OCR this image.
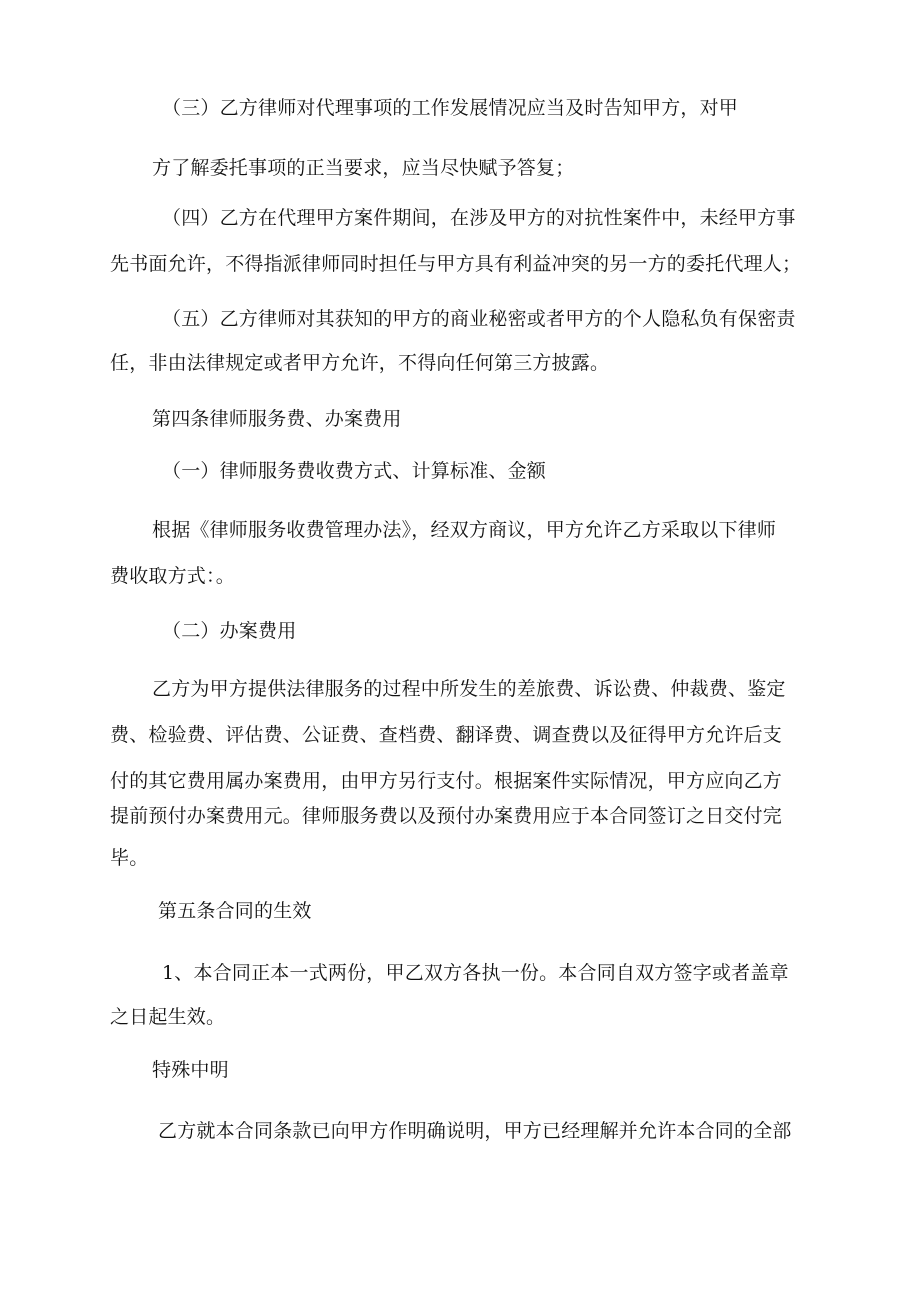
（三）乙方律师对代理事项的工作发展情况应当及时告知甲方，对甲

方了解委托事项的正当要求，应当尽快赋予答复；

（四）乙方在代理甲方案件期间，在涉及甲方的对抗性案件中，未经甲方事

先书面允许，不得指派律师同时担任与甲方具有利益冲突的另一方的委托代理人；

（五）乙方律师对其获知的甲方的商业秘密或者甲方的个人隐私负有保密责

任，非由法律规定或者甲方允许，不得向任何第三方披露。

第四条律师服务费、办案费用

（一）律师服务费收费方式、计算标准、金额

根据《律师服务收费管理办法》，经双方商议，甲方允许乙方采取以下律师

费收取方式：。

（二）办案费用

乙方为甲方提供法律服务的过程中所发生的差旅费、诉讼费、仲裁费、鉴定

费、检验费、评估费、公证费、查档费、翻译费、调查费以及征得甲方允许后支

付的其它费用属办案费用，由甲方另行支付。根据案件实际情况，甲方应向乙方

提前预付办案费用元。律师服务费以及预付办案费用应于本合同签订之日交付完

毕。

第五条合同的生效

1、本合同正本一式两份，甲乙双方各执一份。本合同自双方签字或者盖章

之日起生效。

特殊中明

乙方就本合同条款已向甲方作明确说明，甲方已经理解并允许本合同的全部
